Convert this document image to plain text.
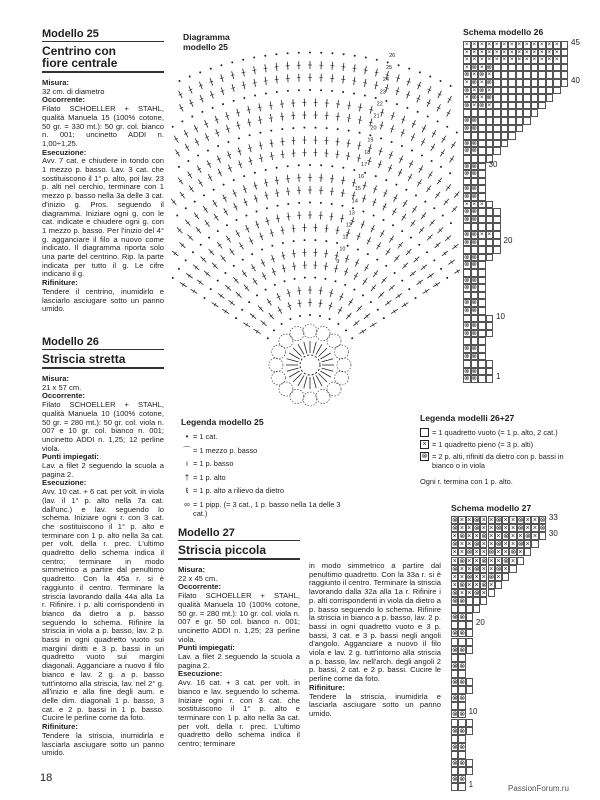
Modello 25
Centrino con
fiore centrale
Misura:
32 cm. di diametro
Occorrente:
Filato SCHOELLER + STAHL, qualità Manuela 15 (100% cotone, 50 gr. = 330 mt.): 50 gr. col. bianco n. 001; uncinetto ADDI n. 1,00÷1,25.
Esecuzione:
Avv. 7 cat. e chiudere in tondo con 1 mezzo p. basso. Lav. 3 cat. che sostituiscono il 1° p. alto, poi lav. 23 p. alti nel cerchio, terminare con 1 mezzo p. basso nella 3a delle 3 cat. d'inizio g. Pros. seguendo il diagramma. Iniziare ogni g. con le cat. indicate e chiudere ogni g. con 1 mezzo p. basso. Per l'inizio del 4° g. agganciare il filo a nuovo come indicato. Il diagramma riporta solo una parte del centrino. Rip. la parte indicata per tutto il g. Le cifre indicano il g.
Rifiniture:
Tendere il centrino, inumidirlo e lasciarlo asciugare sotto un panno umido.
Modello 26
Striscia stretta
Misura:
21 x 57 cm.
Occorrente:
Filato SCHOELLER + STAHL, qualità Manuela 10 (100% cotone, 50 gr. = 280 mt.): 50 gr. col. viola n. 007 e 10 gr. col. bianco n. 001; uncinetto ADDI n. 1,25; 12 perline viola.
Punti impiegati:
Lav. a filet 2 seguendo la scuola a pagina 2.
Esecuzione:
Avv. 10 cat. + 6 cat. per volt. in viola (lav. il 1° p. alto nella 7a cat. dall'unc.) e lav. seguendo lo schema. Iniziare ogni r. con 3 cat. che sostituiscono il 1° p. alto e terminare con 1 p. alto nella 3a cat. per volt. della r. prec. L'ultimo quadretto dello schema indica il centro; terminare in modo simmetrico a partire dal penultimo quadretto. Con la 45a r. si è raggiunto il centro. Terminare la striscia lavorando dalla 44a alla 1a r. Rifinire. i p. alti corrispondenti in bianco da dietro a p. basso seguendo lo schema. Rifinire la striscia in viola a p. basso, lav. 2 p. bassi in ogni quadretto vuoto sui margini diritti e 3 p. bassi in un quadretto vuoto sui margini diagonali. Agganciare a nuovo il filo bianco e lav. 2 g. a p. basso tutt'intorno alla striscia, lav. nel 2° g. all'inizio e alla fine degli aum. e delle dim. diagonali 1 p. basso, 3 cat. e 2 p. bassi in 1 p. basso. Cucire le perline come da foto.
Rifiniture:
Tendere la striscia, inumidirla e lasciarla asciugare sotto un panno umido.
Diagramma
modello 25
26
25
24
23
22
21
20
19
18
17
16
15
14
13
12
11
10
9
Schema modello 26
× × × × × × × × × × × × ×
× × × × × × × × × × × × ×
× × × × × × × × × × × × ×
× ⊗ × ⊗
⊗ × ⊗ ×
× ⊗ × ⊗
⊗ × ⊗ ×
× ⊗ × ⊗
⊗ × ⊗ ×
⊗ ⊗
⊗ ⊗
⊗ ⊗
⊗ ⊗
⊗ ⊗
⊗ ⊗
⊗ ⊗
⊗ ⊗
× × ×
⊗ ⊗
⊗ ⊗
⊗ ⊗ × ×
⊗ ⊗
⊗ ⊗
⊗ ⊗
⊗ ⊗
⊗ ⊗
⊗ ⊗
⊗ ⊗
⊗ ⊗
⊗ ⊗
⊗ ⊗
⊗ ⊗
⊗ ⊗
⊗ ⊗
45
40
30
20
10
1
Legenda modello 25
• = 1 cat.
⌒ = 1 mezzo p. basso
ı = 1 p. basso
† = 1 p. alto
ŧ = 1 p. alto a rilievo da dietro
∞ = 1 pipp. (= 3 cat., 1 p. basso nella 1a delle 3 cat.)
Legenda modelli 26+27
= 1 quadretto vuoto (= 1 p. alto, 2 cat.)
× = 1 quadretto pieno (= 3 p. alti)
⊗ = 2 p. alti, rifiniti da dietro con p. bassi in bianco o in viola
Ogni r. termina con 1 p. alto.
Modello 27
Striscia piccola
Misura:
22 x 45 cm.
Occorrente:
Filato SCHOELLER + STAHL, qualità Manuela 10 (100% cotone, 50 gr. = 280 mt.): 10 gr. col. viola n. 007 e gr. 50 col. bianco n. 001; uncinetto ADDI n. 1,25; 23 perline viola.
Punti impiegati:
Lav. a filet 2 seguendo la scuola a pagina 2.
Esecuzione:
Avv. 16 cat. + 3 cat. per volt. in bianco e lav. seguendo lo schema. Iniziare ogni r. con 3 cat. che sostituiscono il 1° p. alto e terminare con 1 p. alto nella 3a cat. per volt. della r. prec. L'ultimo quadretto dello schema indica il centro; terminare
in modo simmetrico a partire dal penultimo quadretto. Con la 33a r. si è raggiunto il centro. Terminare la striscia lavorando dalla 32a alla 1a r. Rifinire i p. alti corrispondenti in viola da dietro a p. basso seguendo lo schema. Rifinire la striscia in bianco a p. basso, lav. 2 p. bassi in ogni quadretto vuoto e 3 p. bassi, 3 cat. e 3 p. bassi negli angoli d'angolo. Agganciare a nuovo il filo viola e lav. 2 g. tutt'intorno alla striscia a p. basso, lav. nell'arch. degli angoli 2 p. bassi, 2 cat. e 2 p. bassi. Cucire le perline come da foto.
Rifiniture:
Tendere la striscia, inumidirla e lasciarla asciugare sotto un panno umido.
Schema modello 27
⊗ × × ⊗ × × ⊗ × × ⊗ × × ⊗
⊗ × × ⊗ × × ⊗ × × ⊗ × × ⊗
× ⊗ × × ⊗ × × ⊗ × × ⊗ ×
⊗ × × ⊗ × × ⊗ × × ⊗ ×
× × ⊗ × × ⊗ × × ⊗ ×
× ⊗ × × ⊗ × × ⊗ ×
⊗ × × ⊗ × × ⊗ ×
× × ⊗ × × ⊗ ×
× ⊗ × × ⊗ ×
⊗ × × ⊗ ×
⊗ ⊗
⊗ ⊗
⊗ ⊗
⊗ ⊗
⊗ ⊗
⊗ ⊗
⊗ ⊗
⊗ ⊗
⊗ ⊗
⊗ ⊗
⊗ ⊗
⊗ ⊗
33
30
20
10
1
18
PassionForum.ru
